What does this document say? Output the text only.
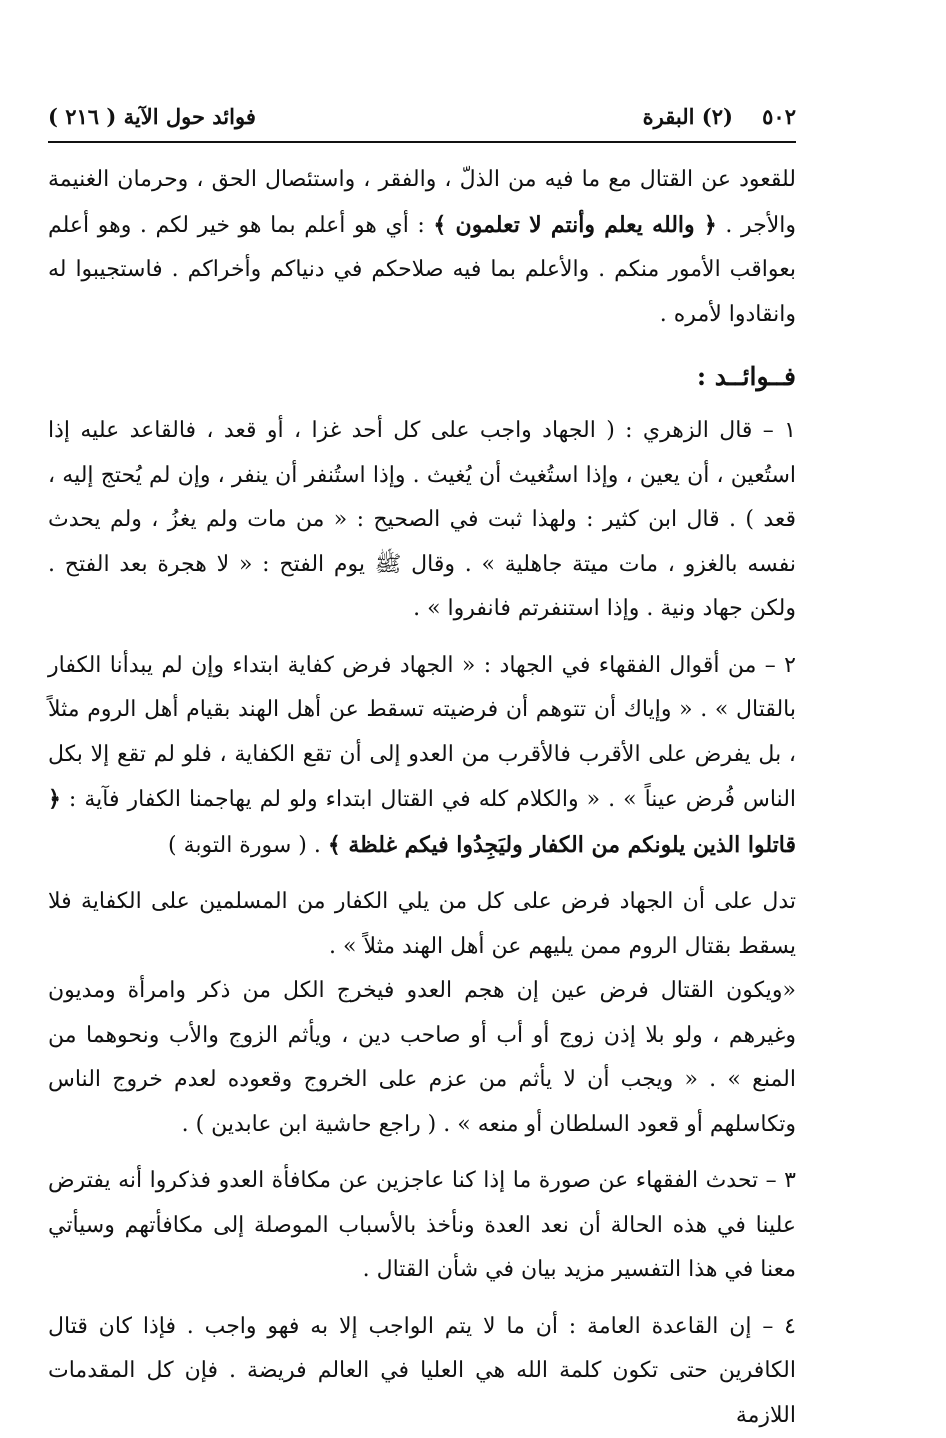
٥٠٢    (٢) البقرة
فوائد حول الآية ( ٢١٦ )

للقعود عن القتال مع ما فيه من الذلّ ، والفقر ، واستئصال الحق ، وحرمان الغنيمة والأجر . ﴿ والله يعلم وأنتم لا تعلمون ﴾ : أي هو أعلم بما هو خير لكم . وهو أعلم بعواقب الأمور منكم . والأعلم بما فيه صلاحكم في دنياكم وأخراكم . فاستجيبوا له وانقادوا لأمره .

فــوائــد :

١ – قال الزهري : ( الجهاد واجب على كل أحد غزا ، أو قعد ، فالقاعد عليه إذا استُعين ، أن يعين ، وإذا استُغيث أن يُغيث . وإذا استُنفر أن ينفر ، وإن لم يُحتج إليه ، قعد ) . قال ابن كثير : ولهذا ثبت في الصحيح : « من مات ولم يغزُ ، ولم يحدث نفسه بالغزو ، مات ميتة جاهلية » . وقال ﷺ يوم الفتح : « لا هجرة بعد الفتح . ولكن جهاد ونية . وإذا استنفرتم فانفروا » .

٢ – من أقوال الفقهاء في الجهاد : « الجهاد فرض كفاية ابتداء وإن لم يبدأنا الكفار بالقتال » . « وإياك أن تتوهم أن فرضيته تسقط عن أهل الهند بقيام أهل الروم مثلاً ، بل يفرض على الأقرب فالأقرب من العدو إلى أن تقع الكفاية ، فلو لم تقع إلا بكل الناس فُرض عيناً » . « والكلام كله في القتال ابتداء ولو لم يهاجمنا الكفار فآية : ﴿ قاتلوا الذين يلونكم من الكفار وليَجِدُوا فيكم غلظة ﴾ . ( سورة التوبة )

تدل على أن الجهاد فرض على كل من يلي الكفار من المسلمين على الكفاية فلا يسقط بقتال الروم ممن يليهم عن أهل الهند مثلاً » .

«ويكون القتال فرض عين إن هجم العدو فيخرج الكل من ذكر وامرأة ومديون وغيرهم ، ولو بلا إذن زوج أو أب أو صاحب دين ، ويأثم الزوج والأب ونحوهما من المنع » . « ويجب أن لا يأثم من عزم على الخروج وقعوده لعدم خروج الناس وتكاسلهم أو قعود السلطان أو منعه » . ( راجع حاشية ابن عابدين ) .

٣ – تحدث الفقهاء عن صورة ما إذا كنا عاجزين عن مكافأة العدو فذكروا أنه يفترض علينا في هذه الحالة أن نعد العدة ونأخذ بالأسباب الموصلة إلى مكافأتهم وسيأتي معنا في هذا التفسير مزيد بيان في شأن القتال .

٤ – إن القاعدة العامة : أن ما لا يتم الواجب إلا به فهو واجب . فإذا كان قتال الكافرين حتى تكون كلمة الله هي العليا في العالم فريضة . فإن كل المقدمات اللازمة
